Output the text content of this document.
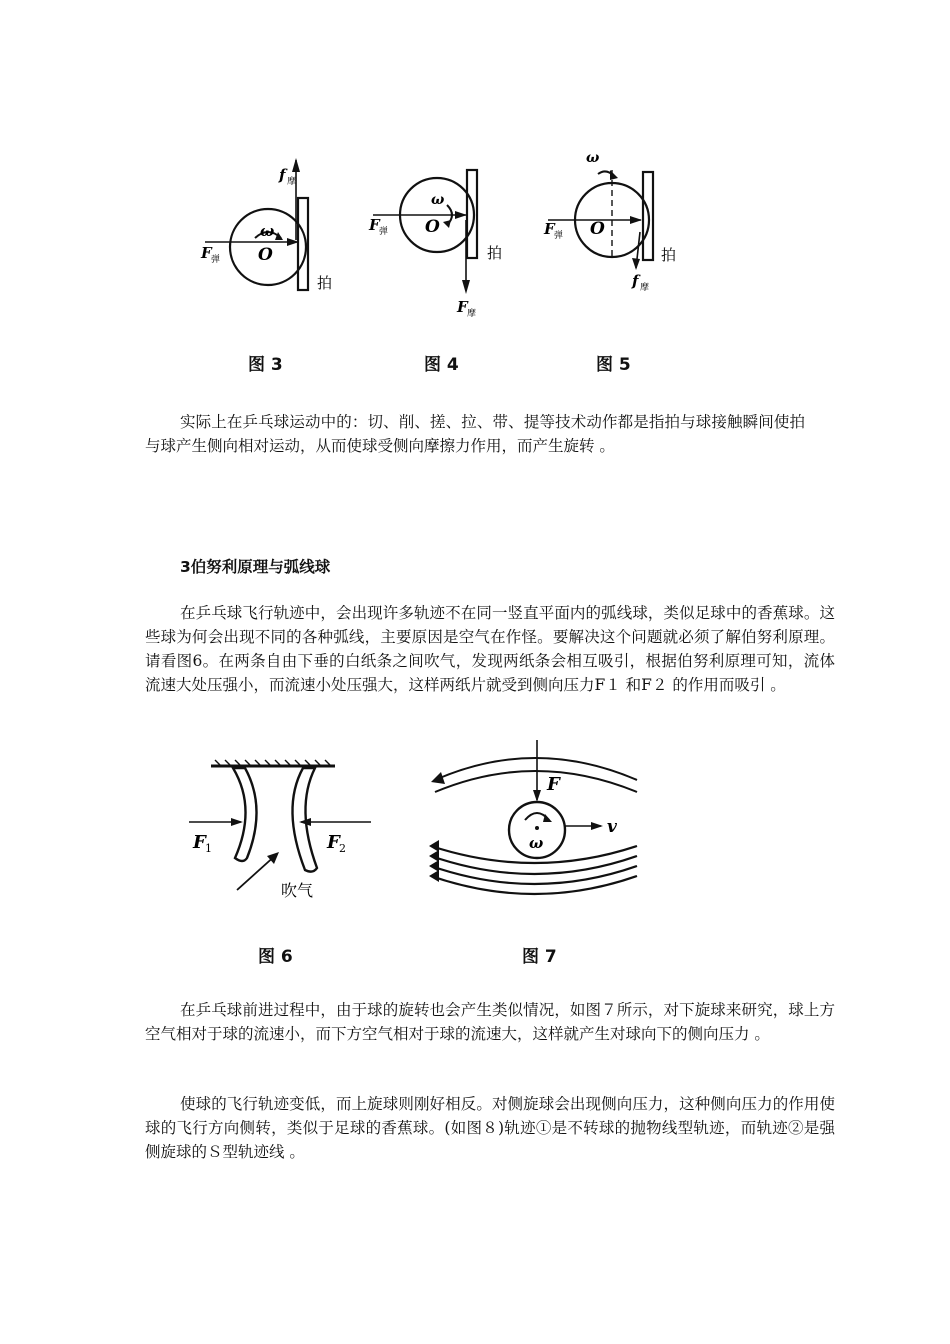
f 摩
ω
O
F 弹
拍
图 3
ω
O
F 弹
F 摩
拍
图 4
ω
O
F 弹
f 摩
拍
图 5

实际上在乒乓球运动中的：切、削、搓、拉、带、提等技术动作都是指拍与球接触瞬间使拍与球产生侧向相对运动，从而使球受侧向摩擦力作用，而产生旋转 。

3伯努利原理与弧线球

在乒乓球飞行轨迹中，会出现许多轨迹不在同一竖直平面内的弧线球，类似足球中的香蕉球。这些球为何会出现不同的各种弧线，主要原因是空气在作怪。要解决这个问题就必须了解伯努利原理。请看图6。在两条自由下垂的白纸条之间吹气，发现两纸条会相互吸引，根据伯努利原理可知，流体流速大处压强小，而流速小处压强大，这样两纸片就受到侧向压力F１ 和F２ 的作用而吸引 。

F 1	F 2
吹气
图 6
F
ω
v
图 7

在乒乓球前进过程中，由于球的旋转也会产生类似情况，如图７所示，对下旋球来研究，球上方空气相对于球的流速小，而下方空气相对于球的流速大，这样就产生对球向下的侧向压力 。

使球的飞行轨迹变低，而上旋球则刚好相反。对侧旋球会出现侧向压力，这种侧向压力的作用使球的飞行方向侧转，类似于足球的香蕉球。(如图８)轨迹①是不转球的抛物线型轨迹，而轨迹②是强侧旋球的Ｓ型轨迹线 。
